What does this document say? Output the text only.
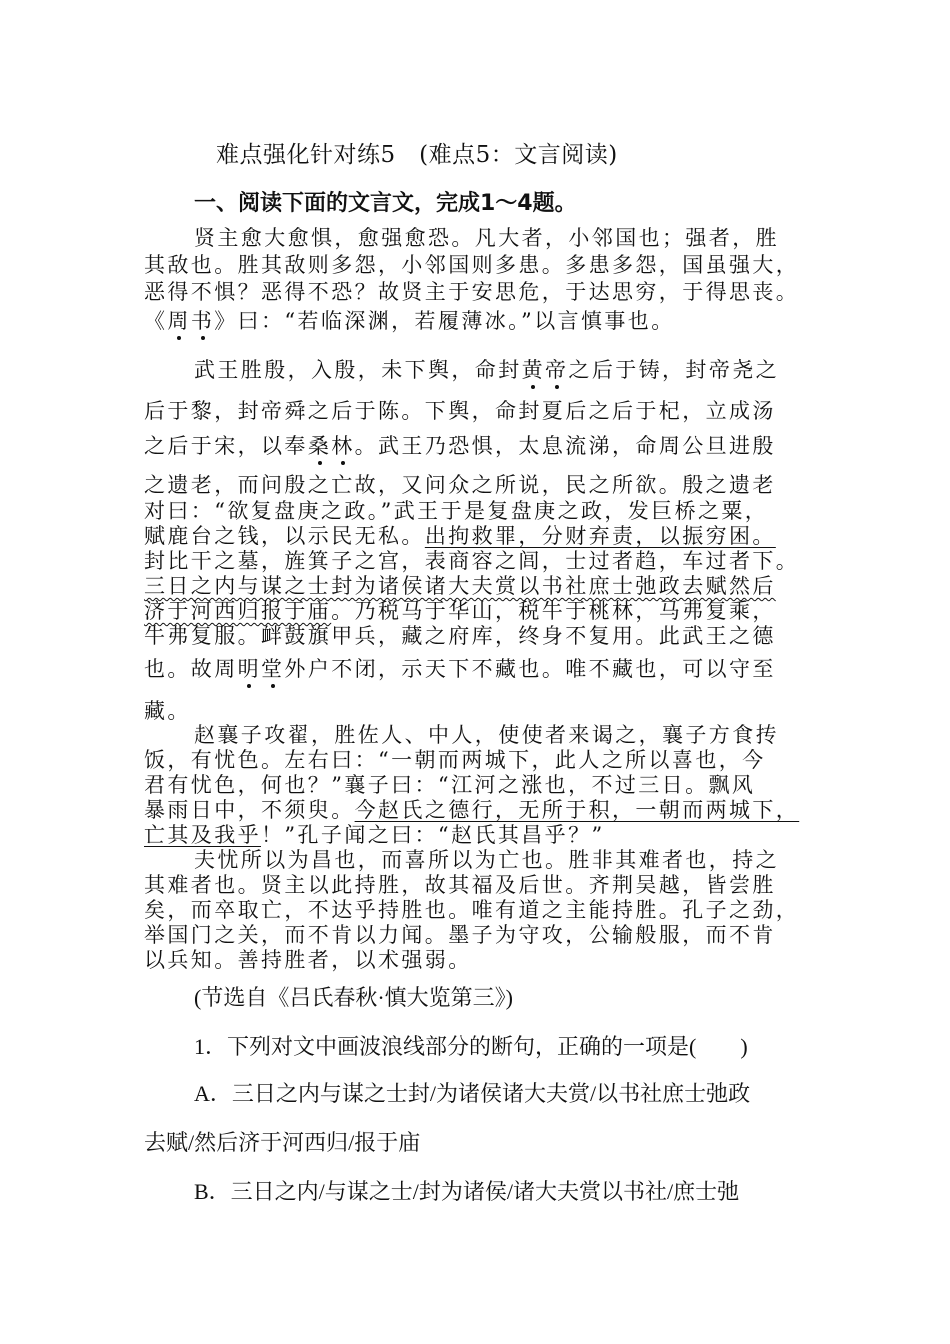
难点强化针对练5　(难点5：文言阅读)
一、阅读下面的文言文，完成1～4题。
贤主愈大愈惧，愈强愈恐。凡大者，小邻国也；强者，胜
其敌也。胜其敌则多怨，小邻国则多患。多患多怨，国虽强大，
恶得不惧？恶得不恐？故贤主于安思危，于达思穷，于得思丧。
《周书》曰：“若临深渊，若履薄冰。”以言慎事也。
武王胜殷，入殷，未下舆，命封黄帝之后于铸，封帝尧之
后于黎，封帝舜之后于陈。下舆，命封夏后之后于杞，立成汤
之后于宋，以奉桑林。武王乃恐惧，太息流涕，命周公旦进殷
之遗老，而问殷之亡故，又问众之所说，民之所欲。殷之遗老
对曰：“欲复盘庚之政。”武王于是复盘庚之政，发巨桥之粟，
赋鹿台之钱，以示民无私。出拘救罪，分财弃责，以振穷困。
封比干之墓，旌箕子之宫，表商容之闾，士过者趋，车过者下。
三日之内与谋之士封为诸侯诸大夫赏以书社庶士弛政去赋然后
济于河西归报于庙。乃税马于华山，税牛于桃林，马弗复乘，
牛弗复服。衅鼓旗甲兵，藏之府库，终身不复用。此武王之德
也。故周明堂外户不闭，示天下不藏也。唯不藏也，可以守至
藏。
赵襄子攻翟，胜佐人、中人，使使者来谒之，襄子方食抟
饭，有忧色。左右曰：“一朝而两城下，此人之所以喜也，今
君有忧色，何也？”襄子曰：“江河之涨也，不过三日。飘风
暴雨日中，不须臾。今赵氏之德行，无所于积，一朝而两城下，
亡其及我乎！”孔子闻之曰：“赵氏其昌乎？”
夫忧所以为昌也，而喜所以为亡也。胜非其难者也，持之
其难者也。贤主以此持胜，故其福及后世。齐荆吴越，皆尝胜
矣，而卒取亡，不达乎持胜也。唯有道之主能持胜。孔子之劲，
举国门之关，而不肯以力闻。墨子为守攻，公输般服，而不肯
以兵知。善持胜者，以术强弱。
(节选自《吕氏春秋·慎大览第三》)
1．下列对文中画波浪线部分的断句，正确的一项是(　　)
A．三日之内与谋之士封/为诸侯诸大夫赏/以书社庶士弛政
去赋/然后济于河西归/报于庙
B．三日之内/与谋之士/封为诸侯/诸大夫赏以书社/庶士弛
